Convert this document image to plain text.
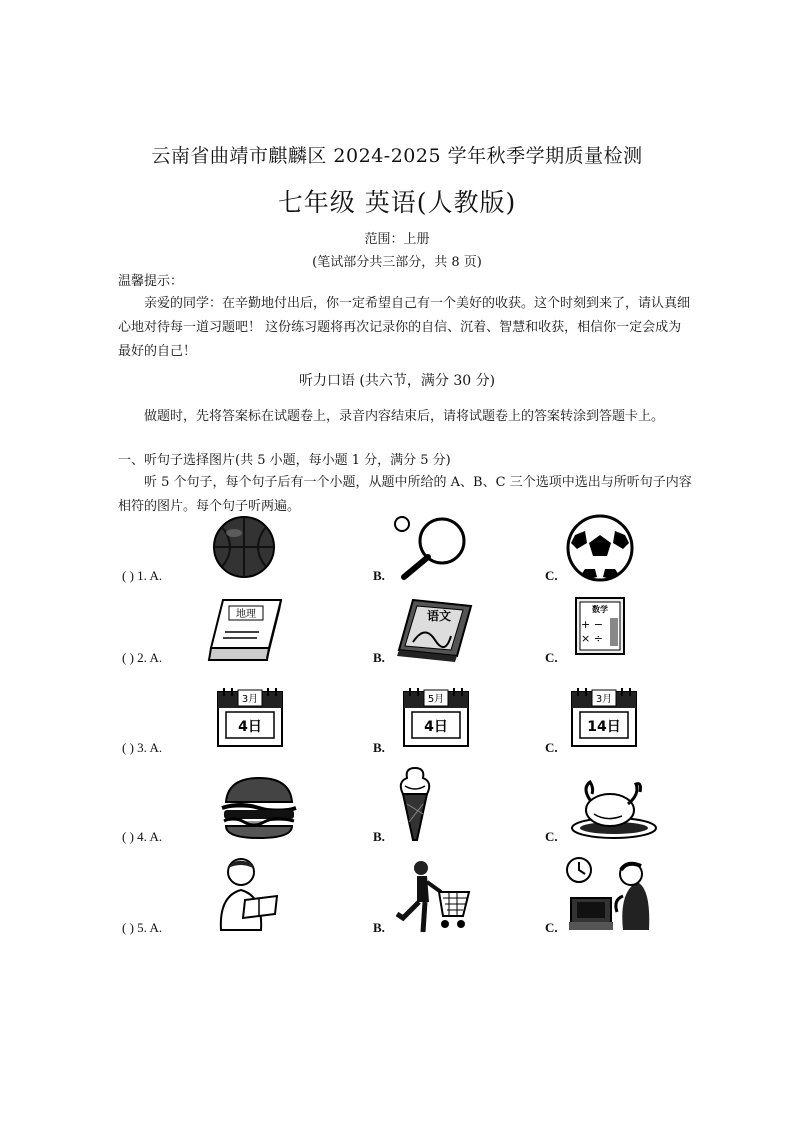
云南省曲靖市麒麟区 2024-2025 学年秋季学期质量检测
七年级 英语(人教版)
范围：上册
(笔试部分共三部分，共 8 页)
温馨提示：
亲爱的同学：在辛勤地付出后，你一定希望自己有一个美好的收获。这个时刻到来了，请认真细心地对待每一道习题吧！ 这份练习题将再次记录你的自信、沉着、智慧和收获，相信你一定会成为最好的自己！
听力口语 (共六节，满分 30 分)
做题时，先将答案标在试题卷上，录音内容结束后，请将试题卷上的答案转涂到答题卡上。
一、听句子选择图片(共 5 小题，每小题 1 分，满分 5 分)
听 5 个句子，每个句子后有一个小题，从题中所给的 A、B、C 三个选项中选出与所听句子内容相符的图片。每个句子听两遍。
( ) 1. A.	B.	C.
( ) 2. A.	B.	C.
地理	语文	数学
+ −
× ÷
( ) 3. A.	B.	C.
3月
4日
5月
4日
3月
14日
( ) 4. A.	B.	C.
( ) 5. A.	B.	C.
